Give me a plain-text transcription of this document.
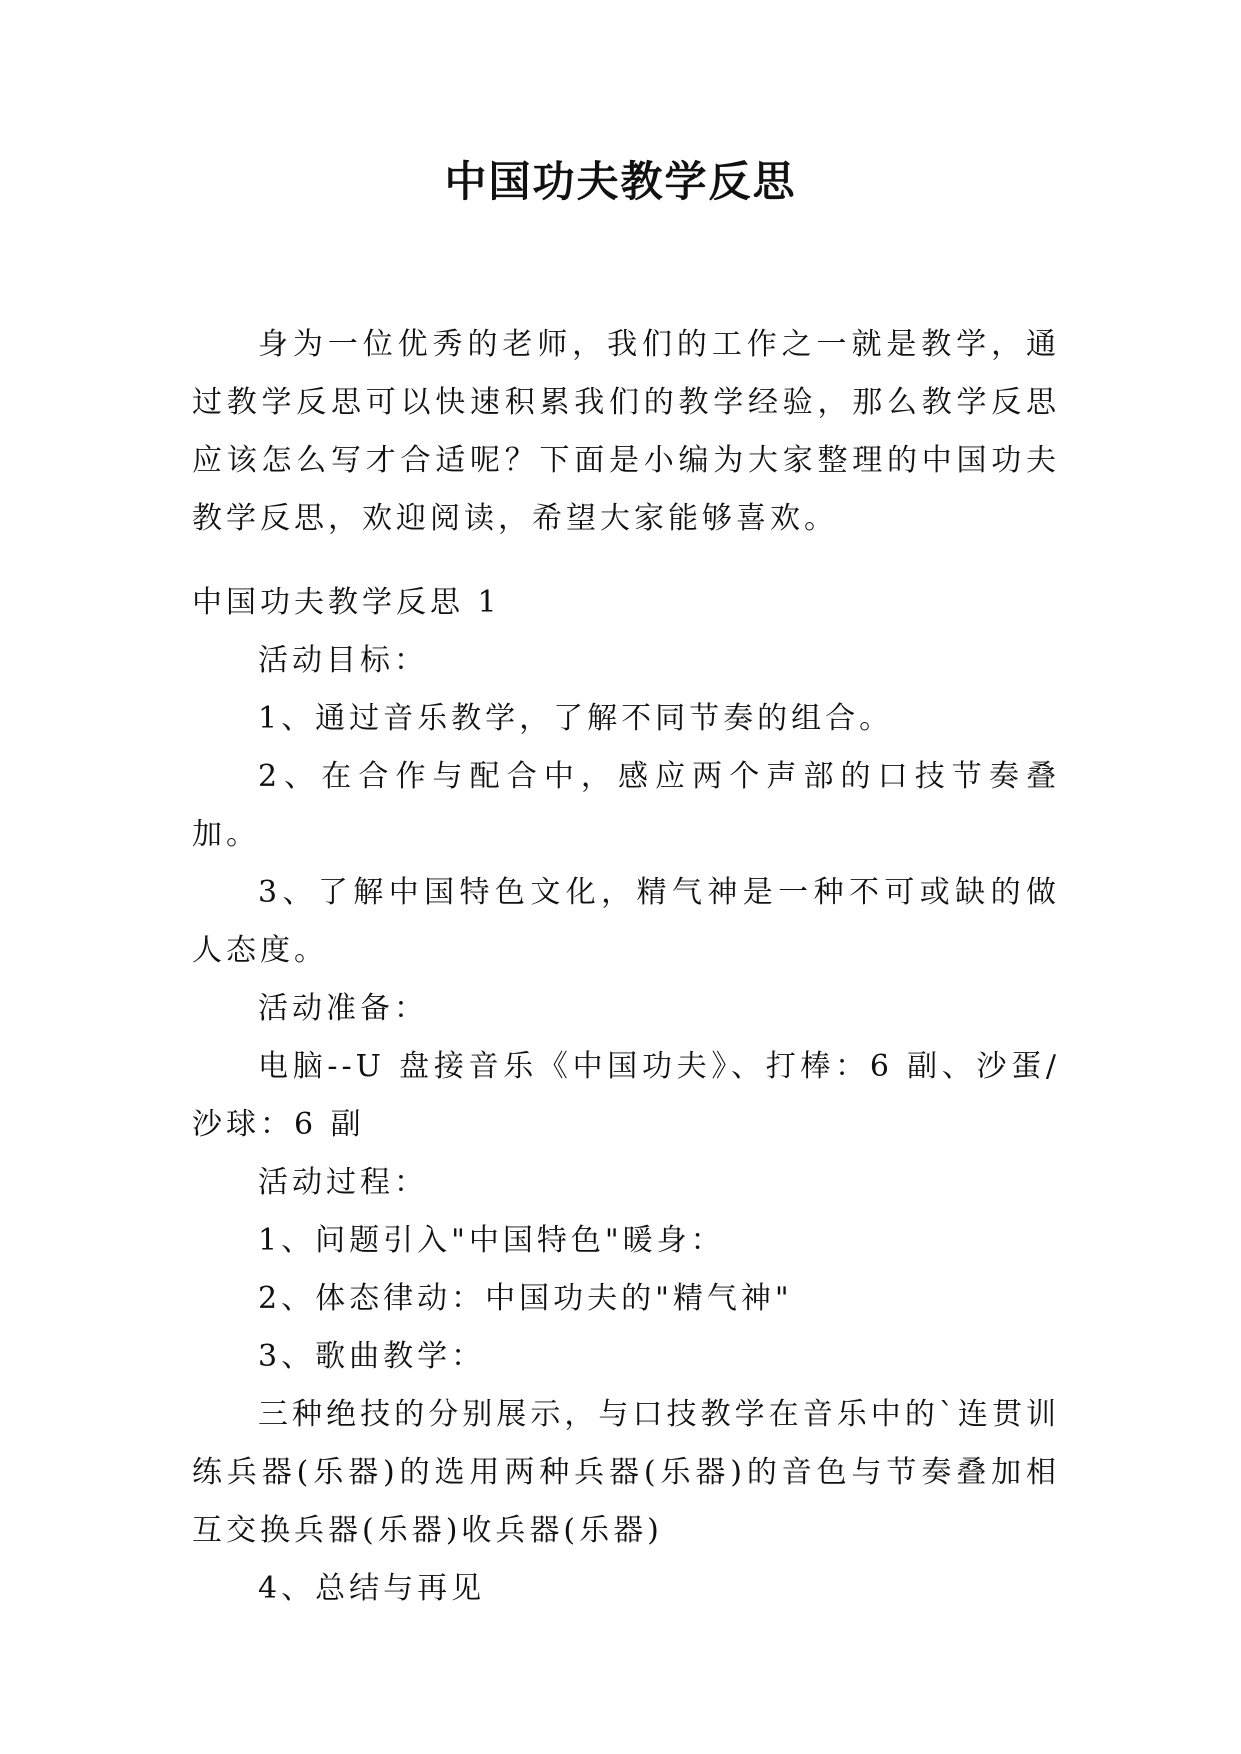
中国功夫教学反思

身为一位优秀的老师，我们的工作之一就是教学，通过教学反思可以快速积累我们的教学经验，那么教学反思应该怎么写才合适呢？下面是小编为大家整理的中国功夫教学反思，欢迎阅读，希望大家能够喜欢。

中国功夫教学反思 1

活动目标：

1、通过音乐教学，了解不同节奏的组合。

2、在合作与配合中，感应两个声部的口技节奏叠加。

3、了解中国特色文化，精气神是一种不可或缺的做人态度。

活动准备：

电脑--U 盘接音乐《中国功夫》、打棒：6 副、沙蛋/沙球：6 副

活动过程：

1、问题引入"中国特色"暖身：

2、体态律动：中国功夫的"精气神"

3、歌曲教学：

三种绝技的分别展示，与口技教学在音乐中的`连贯训练兵器(乐器)的选用两种兵器(乐器)的音色与节奏叠加相互交换兵器(乐器)收兵器(乐器)

4、总结与再见
